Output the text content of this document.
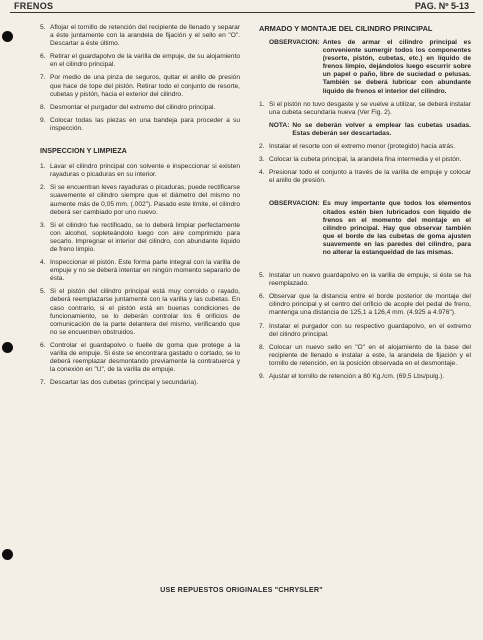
FRENOS	PAG. Nº 5-13
5. Aflojar el tornillo de retención del recipiente de llenado y separar a éste juntamente con la arandela de fijación y el sello en "O". Descartar a éste último.
6. Retirar el guardapolvo de la varilla de empuje, de su alojamiento en el cilindro principal.
7. Por medio de una pinza de seguros, quitar el anillo de presión que hace de tope del pistón. Retirar todo el conjunto de resorte, cubetas y pistón, hacia el exterior del cilindro.
8. Desmontar el purgador del extremo del cilindro principal.
9. Colocar todas las piezas en una bandeja para proceder a su inspección.
INSPECCION Y LIMPIEZA
1. Lavar el cilindro principal con solvente e inspeccionar si existen rayaduras o picaduras en su interior.
2. Si se encuentran leves rayaduras o picaduras, puede rectificarse suavemente el cilindro siempre que el diámetro del mismo no aumente más de 0,05 mm. (.002"). Pasado este límite, el cilindro deberá ser cambiado por uno nuevo.
3. Si el cilindro fue rectificado, se lo deberá limpiar perfectamente con alcohol, sopleteándolo luego con aire comprimido para secarlo. Impregnar el interior del cilindro, con abundante líquido de freno limpio.
4. Inspeccionar el pistón. Este forma parte integral con la varilla de empuje y no se deberá intentar en ningún momento separarlo de ésta.
5. Si el pistón del cilindro principal está muy corroido o rayado, deberá reemplazarse juntamente con la varilla y las cubetas. En caso contrario, si el pistón está en buenas condiciones de funcionamiento, se lo deberán controlar los 6 orificios de comunicación de la parte delantera del mismo, verificando que no se encuentren obstruidos.
6. Controlar el guardapolvo o fuelle de goma que protege a la varilla de empuje. Si éste se encontrara gastado o cortado, se lo deberá reemplazar desmontando previamente la contratuerca y la conexión en "U", de la varilla de empuje.
7. Descartar las dos cubetas (principal y secundaria).
ARMADO Y MONTAJE DEL CILINDRO PRINCIPAL
OBSERVACION: Antes de armar el cilindro principal es conveniente sumergir todos los componentes (resorte, pistón, cubetas, etc.) en líquido de frenos limpio, dejándolos luego escurrir sobre un papel o paño, libre de suciedad o pelusas. También se deberá lubricar con abundante líquido de frenos el interior del cilindro.
1. Si el pistón no tuvo desgaste y se vuelve a utilizar, se deberá instalar una cubeta secundaria nueva (Ver Fig. 2).
NOTA: No se deberán volver a emplear las cubetas usadas. Estas deberán ser descartadas.
2. Instalar el resorte con el extremo menor (protegido) hacia atrás.
3. Colocar la cubeta principal, la arandela fina intermedia y el pistón.
4. Presionar todo el conjunto a través de la varilla de empuje y colocar el anillo de presión.
OBSERVACION: Es muy importante que todos los elementos citados estén bien lubricados con líquido de frenos en el momento del montaje en el cilindro principal. Hay que observar también que el borde de las cubetas de goma ajusten suavemente en las paredes del cilindro, para no alterar la estanqueidad de las mismas.
5. Instalar un nuevo guardapolvo en la varilla de empuje, si éste se ha reemplazado.
6. Observar que la distancia entre el borde posterior de montaje del cilindro principal y el centro del orificio de acople del pedal de freno, mantenga una distancia de 125,1 a 126,4 mm. (4.925 a 4.976").
7. Instalar el purgador con su respectivo guardapolvo, en el extremo del cilindro principal.
8. Colocar un nuevo sello en "O" en el alojamiento de la base del recipiente de llenado e instalar a este, la arandela de fijación y el tornillo de retención, en la posición observada en el desmontaje.
9. Ajustar el tornillo de retención a 80 Kg./cm. (69,5 Lbs/pulg.).
USE REPUESTOS ORIGINALES "CHRYSLER"
